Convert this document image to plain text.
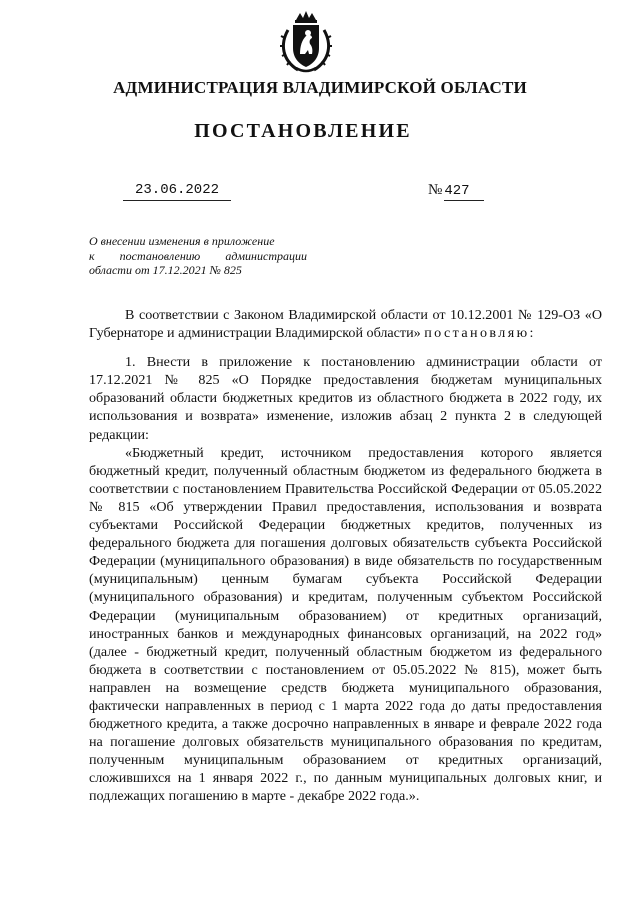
АДМИНИСТРАЦИЯ ВЛАДИМИРСКОЙ ОБЛАСТИ
ПОСТАНОВЛЕНИЕ
23.06.2022	№ 427
О внесении изменения в приложение
к постановлению администрации
области от 17.12.2021 № 825

В соответствии с Законом Владимирской области от 10.12.2001 № 129-ОЗ «О Губернаторе и администрации Владимирской области» постановляю:

1. Внести в приложение к постановлению администрации области от 17.12.2021 № 825 «О Порядке предоставления бюджетам муниципальных образований области бюджетных кредитов из областного бюджета в 2022 году, их использования и возврата» изменение, изложив абзац 2 пункта 2 в следующей редакции:

«Бюджетный кредит, источником предоставления которого является бюджетный кредит, полученный областным бюджетом из федерального бюджета в соответствии с постановлением Правительства Российской Федерации от 05.05.2022 № 815 «Об утверждении Правил предоставления, использования и возврата субъектами Российской Федерации бюджетных кредитов, полученных из федерального бюджета для погашения долговых обязательств субъекта Российской Федерации (муниципального образования) в виде обязательств по государственным (муниципальным) ценным бумагам субъекта Российской Федерации (муниципального образования) и кредитам, полученным субъектом Российской Федерации (муниципальным образованием) от кредитных организаций, иностранных банков и международных финансовых организаций, на 2022 год» (далее - бюджетный кредит, полученный областным бюджетом из федерального бюджета в соответствии с постановлением от 05.05.2022 № 815), может быть направлен на возмещение средств бюджета муниципального образования, фактически направленных в период с 1 марта 2022 года до даты предоставления бюджетного кредита, а также досрочно направленных в январе и феврале 2022 года на погашение долговых обязательств муниципального образования по кредитам, полученным муниципальным образованием от кредитных организаций, сложившихся на 1 января 2022 г., по данным муниципальных долговых книг, и подлежащих погашению в марте - декабре 2022 года.».
